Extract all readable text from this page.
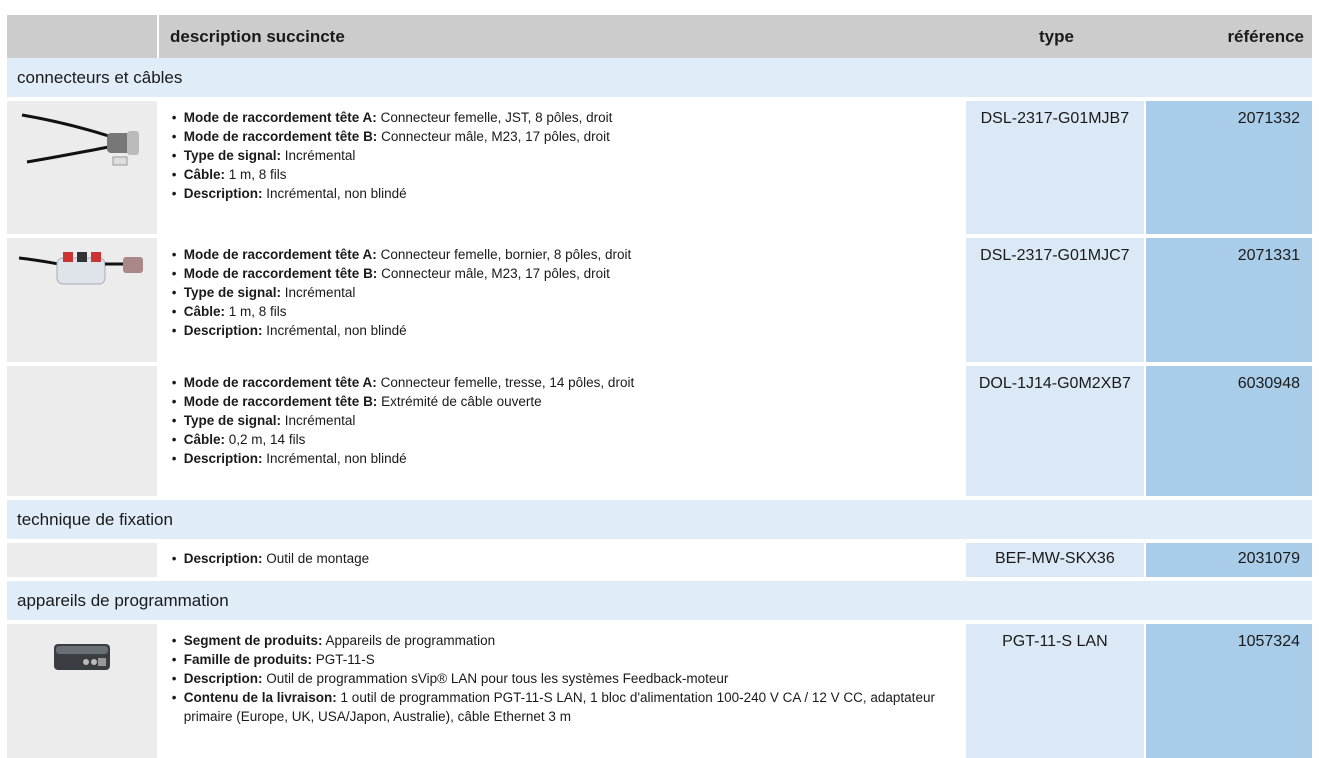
description succincte	type	référence
connecteurs et câbles
• Mode de raccordement tête A: Connecteur femelle, JST, 8 pôles, droit
• Mode de raccordement tête B: Connecteur mâle, M23, 17 pôles, droit
• Type de signal: Incrémental
• Câble: 1 m, 8 fils
• Description: Incrémental, non blindé
DSL-2317-G01MJB7	2071332
• Mode de raccordement tête A: Connecteur femelle, bornier, 8 pôles, droit
• Mode de raccordement tête B: Connecteur mâle, M23, 17 pôles, droit
• Type de signal: Incrémental
• Câble: 1 m, 8 fils
• Description: Incrémental, non blindé
DSL-2317-G01MJC7	2071331
• Mode de raccordement tête A: Connecteur femelle, tresse, 14 pôles, droit
• Mode de raccordement tête B: Extrémité de câble ouverte
• Type de signal: Incrémental
• Câble: 0,2 m, 14 fils
• Description: Incrémental, non blindé
DOL-1J14-G0M2XB7	6030948
technique de fixation
• Description: Outil de montage	BEF-MW-SKX36	2031079
appareils de programmation
• Segment de produits: Appareils de programmation
• Famille de produits: PGT-11-S
• Description: Outil de programmation sVip® LAN pour tous les systèmes Feedback-moteur
• Contenu de la livraison: 1 outil de programmation PGT-11-S LAN, 1 bloc d'alimentation 100-240 V CA / 12 V CC, adaptateur primaire (Europe, UK, USA/Japon, Australie), câble Ethernet 3 m
PGT-11-S LAN	1057324
